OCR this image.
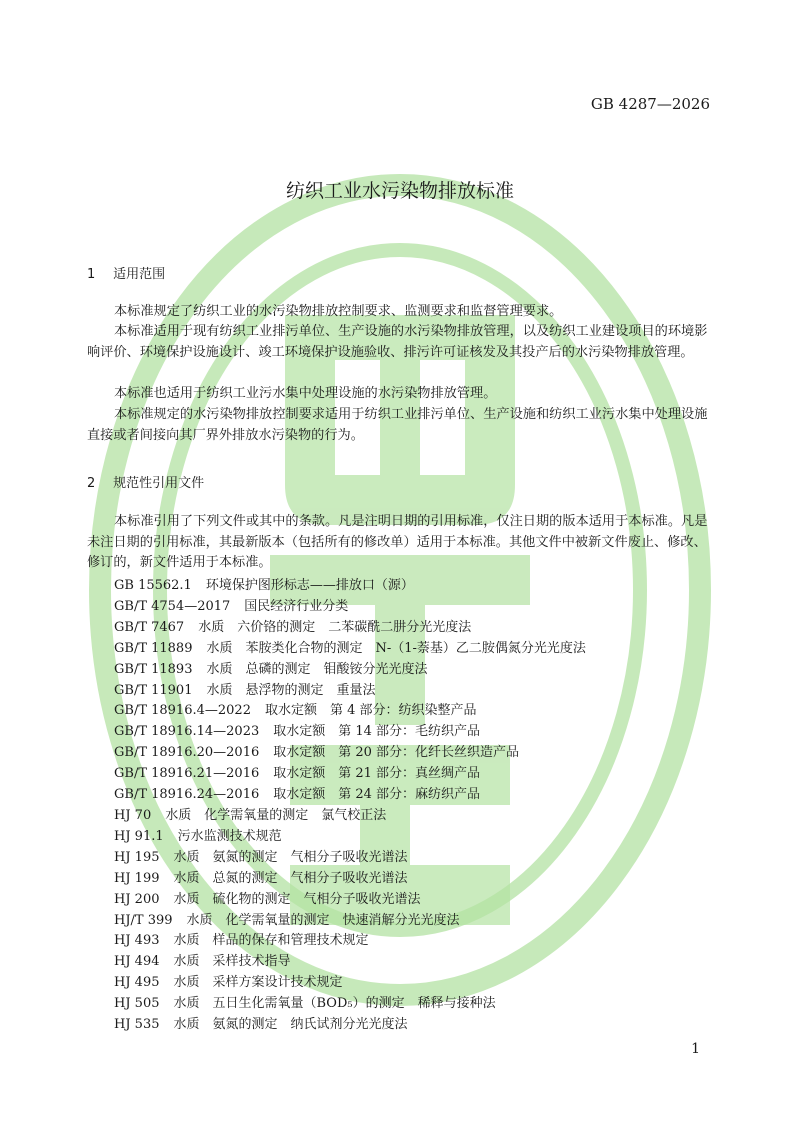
GB 4287—2026
纺织工业水污染物排放标准
1 适用范围

本标准规定了纺织工业的水污染物排放控制要求、监测要求和监督管理要求。

本标准适用于现有纺织工业排污单位、生产设施的水污染物排放管理，以及纺织工业建设项目的环境影响评价、环境保护设施设计、竣工环境保护设施验收、排污许可证核发及其投产后的水污染物排放管理。

本标准也适用于纺织工业污水集中处理设施的水污染物排放管理。

本标准规定的水污染物排放控制要求适用于纺织工业排污单位、生产设施和纺织工业污水集中处理设施直接或者间接向其厂界外排放水污染物的行为。

2 规范性引用文件

本标准引用了下列文件或其中的条款。凡是注明日期的引用标准，仅注日期的版本适用于本标准。凡是未注日期的引用标准，其最新版本（包括所有的修改单）适用于本标准。其他文件中被新文件废止、修改、修订的，新文件适用于本标准。

GB 15562.1 环境保护图形标志——排放口（源）
GB/T 4754—2017 国民经济行业分类
GB/T 7467 水质　六价铬的测定　二苯碳酰二肼分光光度法
GB/T 11889 水质　苯胺类化合物的测定　N-（1-萘基）乙二胺偶氮分光光度法
GB/T 11893 水质　总磷的测定　钼酸铵分光光度法
GB/T 11901 水质　悬浮物的测定　重量法
GB/T 18916.4—2022 取水定额　第 4 部分：纺织染整产品
GB/T 18916.14—2023 取水定额　第 14 部分：毛纺织产品
GB/T 18916.20—2016 取水定额　第 20 部分：化纤长丝织造产品
GB/T 18916.21—2016 取水定额　第 21 部分：真丝绸产品
GB/T 18916.24—2016 取水定额　第 24 部分：麻纺织产品
HJ 70 水质　化学需氧量的测定　氯气校正法
HJ 91.1 污水监测技术规范
HJ 195 水质　氨氮的测定　气相分子吸收光谱法
HJ 199 水质　总氮的测定　气相分子吸收光谱法
HJ 200 水质　硫化物的测定　气相分子吸收光谱法
HJ/T 399 水质　化学需氧量的测定　快速消解分光光度法
HJ 493 水质　样品的保存和管理技术规定
HJ 494 水质　采样技术指导
HJ 495 水质　采样方案设计技术规定
HJ 505 水质　五日生化需氧量（BOD₅）的测定　稀释与接种法
HJ 535 水质　氨氮的测定　纳氏试剂分光光度法
1
